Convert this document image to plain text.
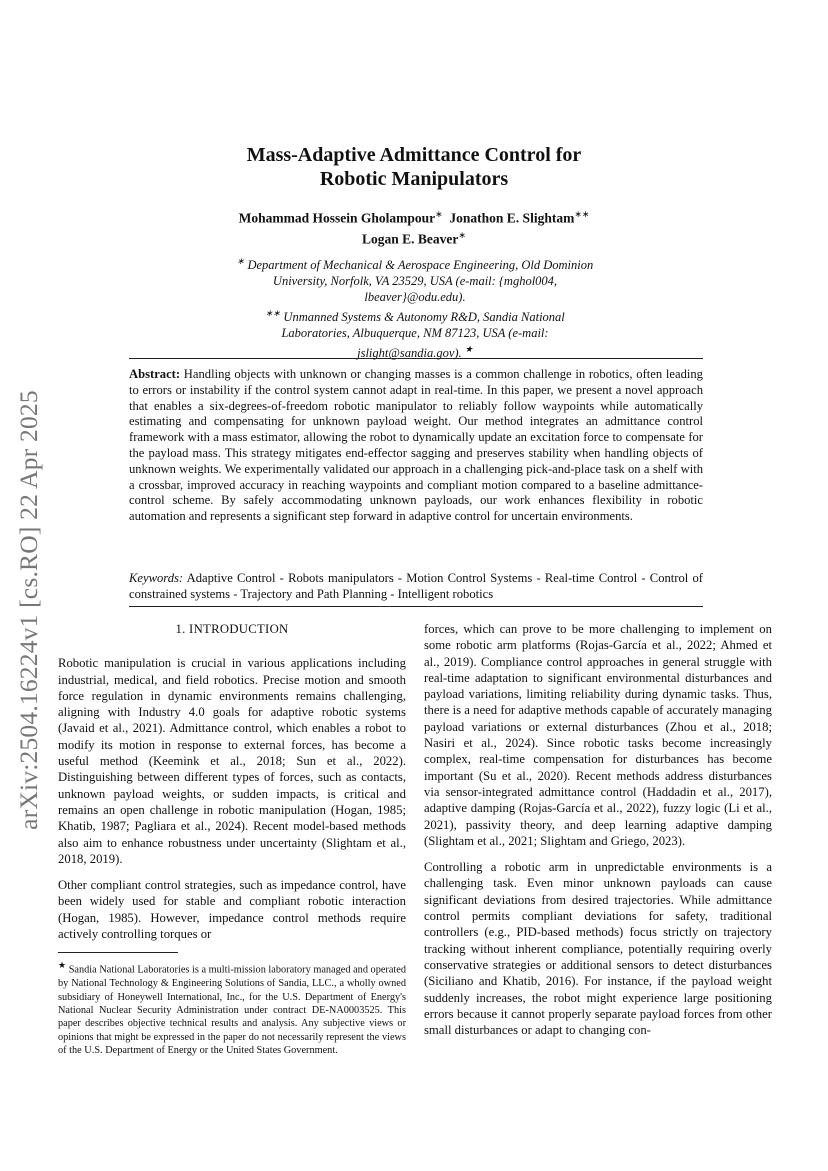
arXiv:2504.16224v1 [cs.RO] 22 Apr 2025
Mass-Adaptive Admittance Control for
Robotic Manipulators
Mohammad Hossein Gholampour∗ Jonathon E. Slightam∗∗
Logan E. Beaver∗
∗ Department of Mechanical & Aerospace Engineering, Old Dominion
University, Norfolk, VA 23529, USA (e-mail: {mghol004,
lbeaver}@odu.edu).
∗∗ Unmanned Systems & Autonomy R&D, Sandia National
Laboratories, Albuquerque, NM 87123, USA (e-mail:
jslight@sandia.gov). ★
Abstract: Handling objects with unknown or changing masses is a common challenge in robotics, often leading to errors or instability if the control system cannot adapt in real-time. In this paper, we present a novel approach that enables a six-degrees-of-freedom robotic manipulator to reliably follow waypoints while automatically estimating and compensating for unknown payload weight. Our method integrates an admittance control framework with a mass estimator, allowing the robot to dynamically update an excitation force to compensate for the payload mass. This strategy mitigates end-effector sagging and preserves stability when handling objects of unknown weights. We experimentally validated our approach in a challenging pick-and-place task on a shelf with a crossbar, improved accuracy in reaching waypoints and compliant motion compared to a baseline admittance-control scheme. By safely accommodating unknown payloads, our work enhances flexibility in robotic automation and represents a significant step forward in adaptive control for uncertain environments.
Keywords: Adaptive Control - Robots manipulators - Motion Control Systems - Real-time Control - Control of constrained systems - Trajectory and Path Planning - Intelligent robotics
1. INTRODUCTION

Robotic manipulation is crucial in various applications including industrial, medical, and field robotics. Precise motion and smooth force regulation in dynamic environments remains challenging, aligning with Industry 4.0 goals for adaptive robotic systems (Javaid et al., 2021). Admittance control, which enables a robot to modify its motion in response to external forces, has become a useful method (Keemink et al., 2018; Sun et al., 2022). Distinguishing between different types of forces, such as contacts, unknown payload weights, or sudden impacts, is critical and remains an open challenge in robotic manipulation (Hogan, 1985; Khatib, 1987; Pagliara et al., 2024). Recent model-based methods also aim to enhance robustness under uncertainty (Slightam et al., 2018, 2019).

Other compliant control strategies, such as impedance control, have been widely used for stable and compliant robotic interaction (Hogan, 1985). However, impedance control methods require actively controlling torques or

★ Sandia National Laboratories is a multi-mission laboratory managed and operated by National Technology & Engineering Solutions of Sandia, LLC., a wholly owned subsidiary of Honeywell International, Inc., for the U.S. Department of Energy's National Nuclear Security Administration under contract DE-NA0003525. This paper describes objective technical results and analysis. Any subjective views or opinions that might be expressed in the paper do not necessarily represent the views of the U.S. Department of Energy or the United States Government.

forces, which can prove to be more challenging to implement on some robotic arm platforms (Rojas-García et al., 2022; Ahmed et al., 2019). Compliance control approaches in general struggle with real-time adaptation to significant environmental disturbances and payload variations, limiting reliability during dynamic tasks. Thus, there is a need for adaptive methods capable of accurately managing payload variations or external disturbances (Zhou et al., 2018; Nasiri et al., 2024). Since robotic tasks become increasingly complex, real-time compensation for disturbances has become important (Su et al., 2020). Recent methods address disturbances via sensor-integrated admittance control (Haddadin et al., 2017), adaptive damping (Rojas-García et al., 2022), fuzzy logic (Li et al., 2021), passivity theory, and deep learning adaptive damping (Slightam et al., 2021; Slightam and Griego, 2023).

Controlling a robotic arm in unpredictable environments is a challenging task. Even minor unknown payloads can cause significant deviations from desired trajectories. While admittance control permits compliant deviations for safety, traditional controllers (e.g., PID-based methods) focus strictly on trajectory tracking without inherent compliance, potentially requiring overly conservative strategies or additional sensors to detect disturbances (Siciliano and Khatib, 2016). For instance, if the payload weight suddenly increases, the robot might experience large positioning errors because it cannot properly separate payload forces from other small disturbances or adapt to changing con-
